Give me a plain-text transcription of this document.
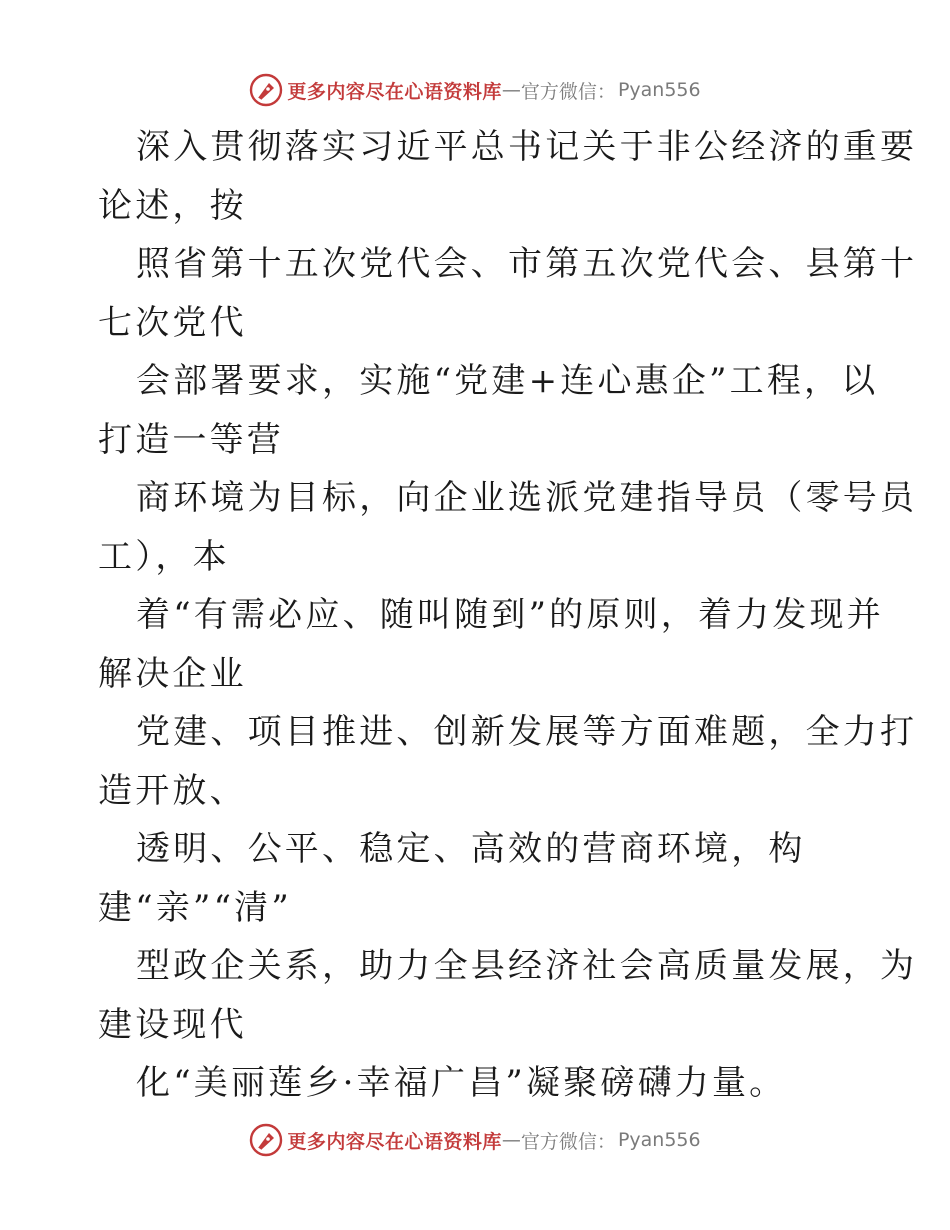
更多内容尽在心语资料库 — 官方微信： Pyan556

深入贯彻落实习近平总书记关于非公经济的重要
论述，按

照省第十五次党代会、市第五次党代会、县第十
七次党代

会部署要求，实施“党建+连心惠企”工程，以
打造一等营

商环境为目标，向企业选派党建指导员（零号员
工），本

着“有需必应、随叫随到”的原则，着力发现并
解决企业

党建、项目推进、创新发展等方面难题，全力打
造开放、

透明、公平、稳定、高效的营商环境，构
建“亲”“清”

型政企关系，助力全县经济社会高质量发展，为
建设现代

化“美丽莲乡·幸福广昌”凝聚磅礴力量。

更多内容尽在心语资料库 — 官方微信： Pyan556
